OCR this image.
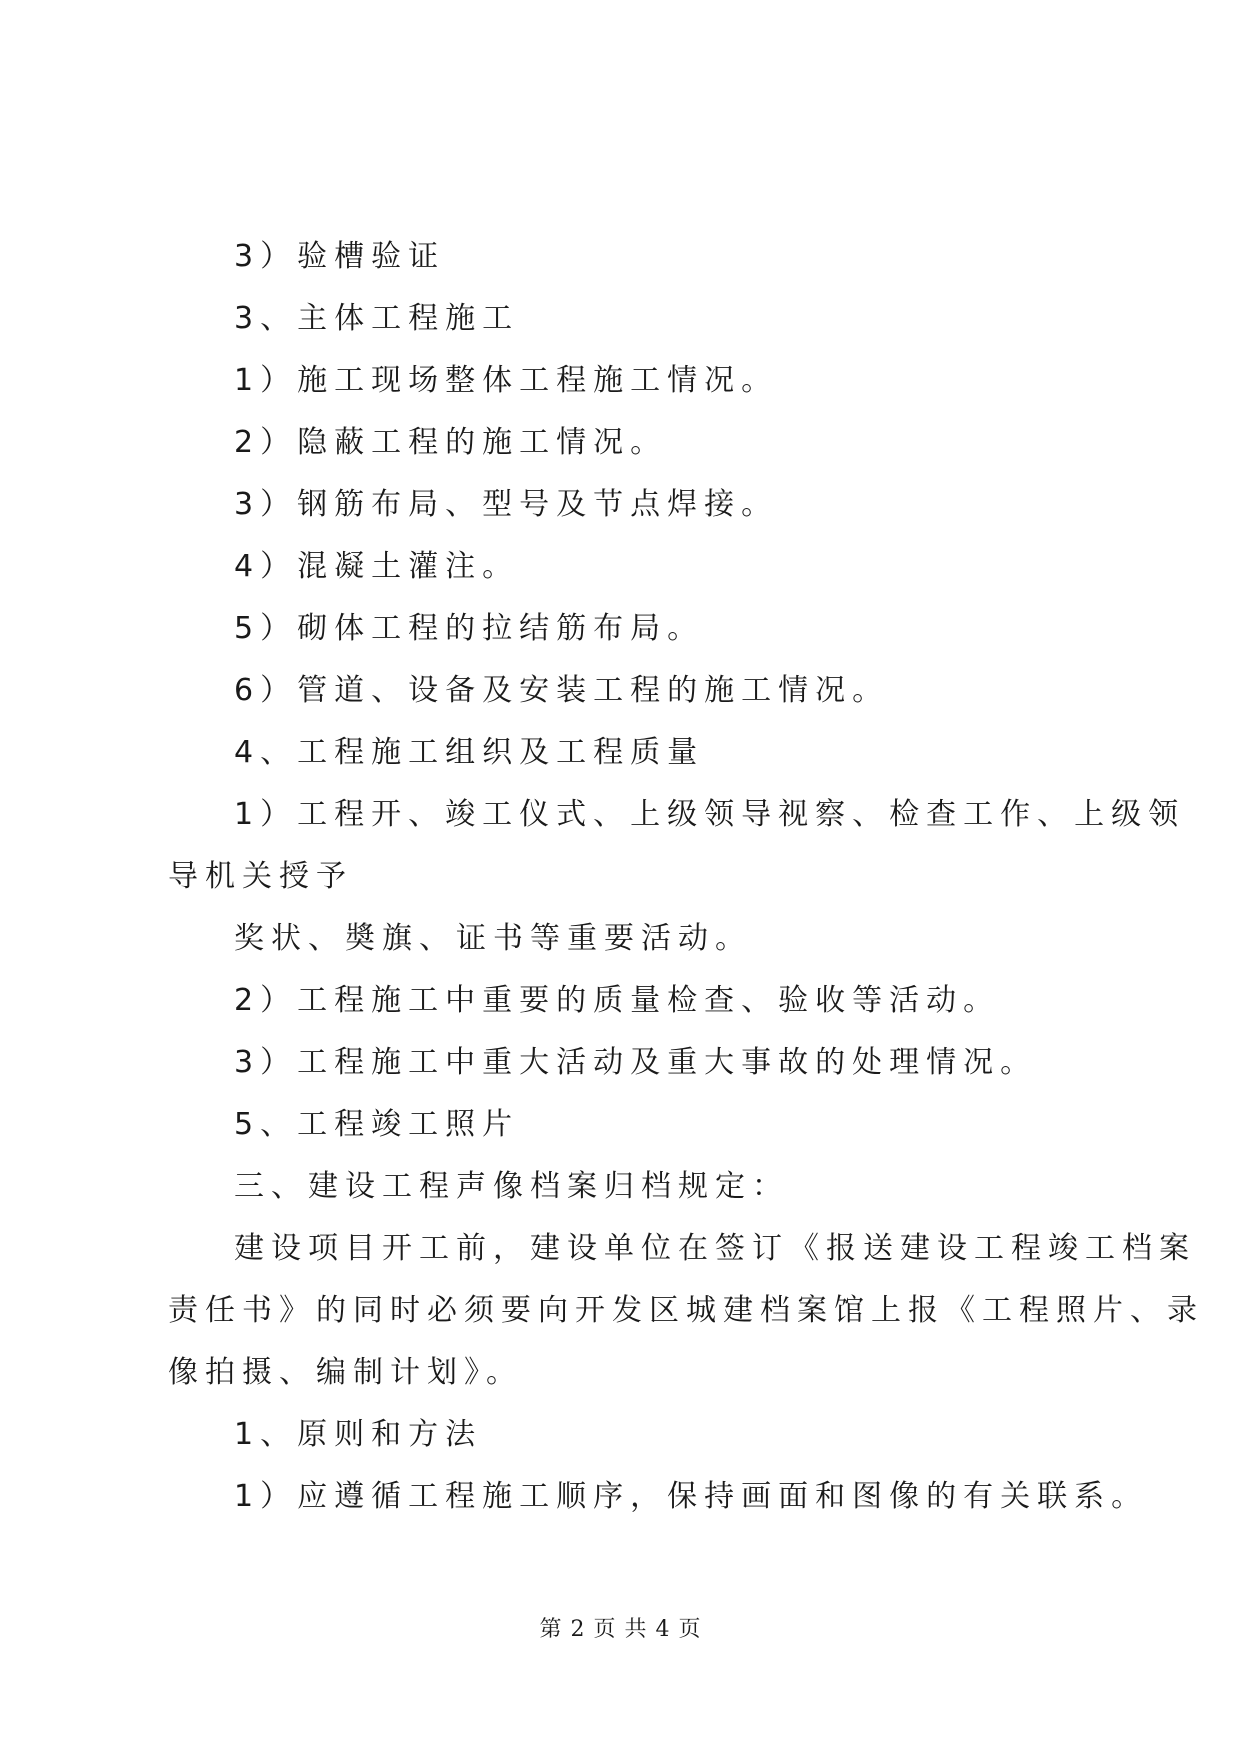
3）验槽验证
3、主体工程施工
1）施工现场整体工程施工情况。
2）隐蔽工程的施工情况。
3）钢筋布局、型号及节点焊接。
4）混凝土灌注。
5）砌体工程的拉结筋布局。
6）管道、设备及安装工程的施工情况。
4、工程施工组织及工程质量
1）工程开、竣工仪式、上级领导视察、检查工作、上级领
导机关授予
奖状、奬旗、证书等重要活动。
2）工程施工中重要的质量检查、验收等活动。
3）工程施工中重大活动及重大事故的处理情况。
5、工程竣工照片
三、建设工程声像档案归档规定：
建设项目开工前，建设单位在签订《报送建设工程竣工档案
责任书》的同时必须要向开发区城建档案馆上报《工程照片、录
像拍摄、编制计划》。
1、原则和方法
1）应遵循工程施工顺序，保持画面和图像的有关联系。
第 2 页 共 4 页
